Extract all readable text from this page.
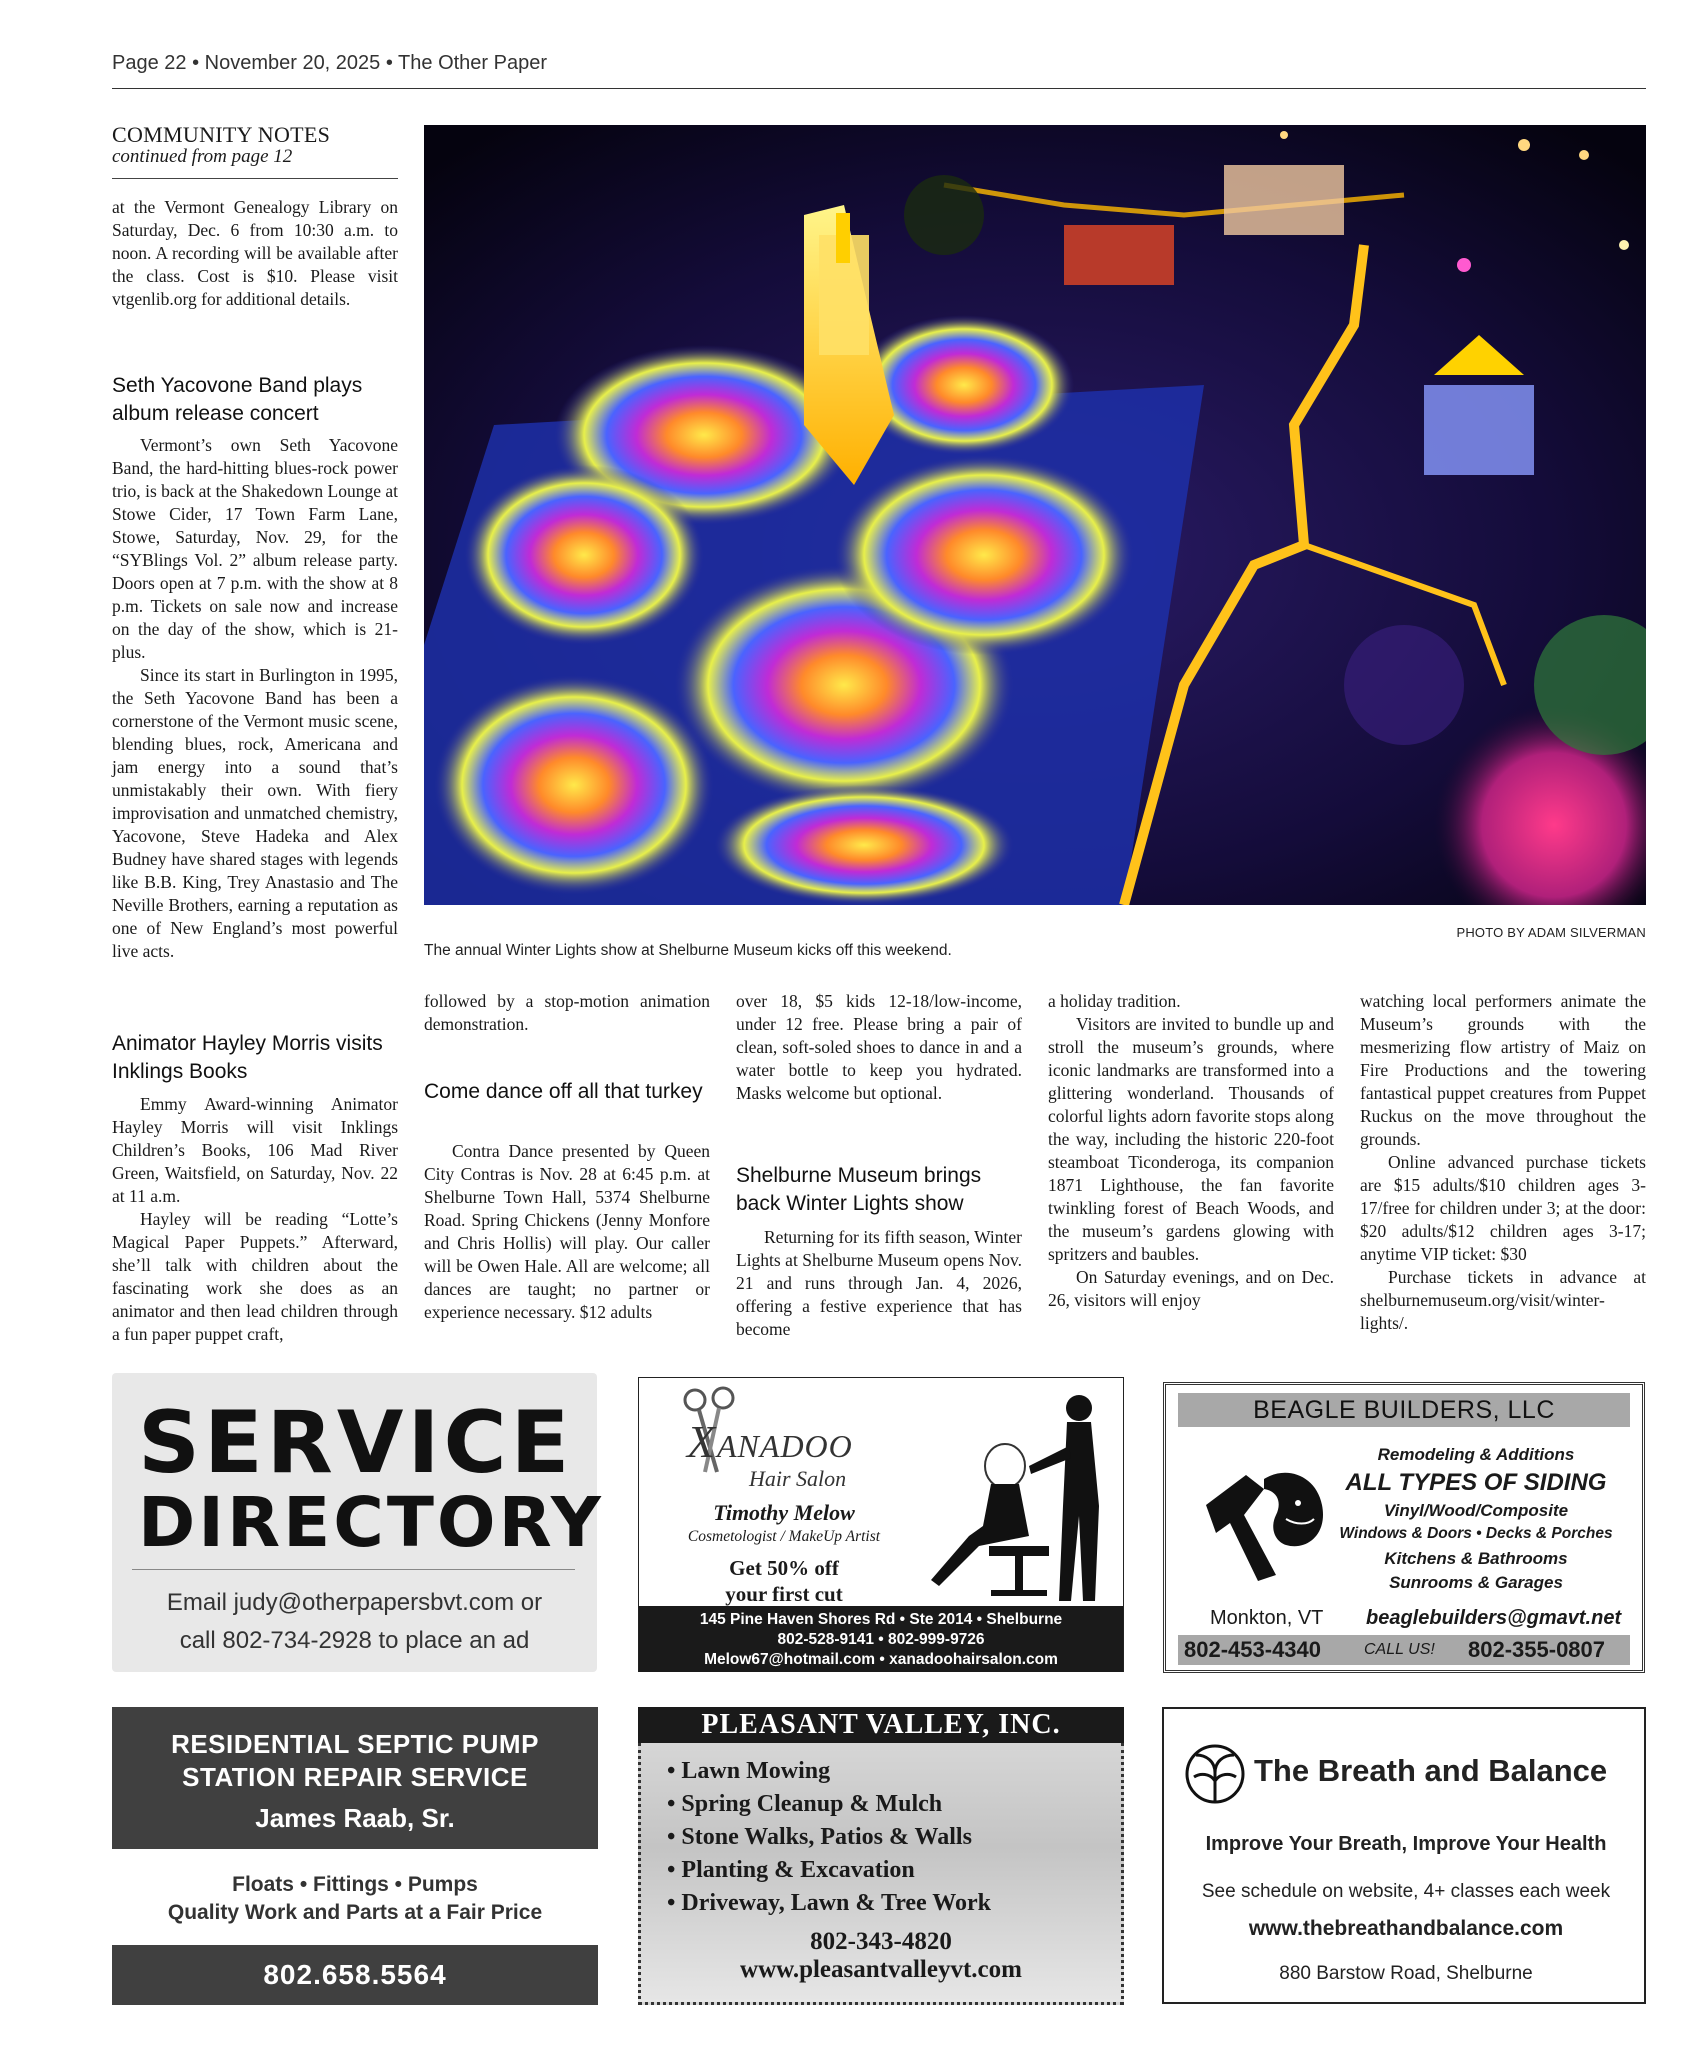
Page 22 • November 20, 2025 • The Other Paper
COMMUNITY NOTES
continued from page 12

at the Vermont Genealogy Library on Saturday, Dec. 6 from 10:30 a.m. to noon. A recording will be available after the class. Cost is $10. Please visit vtgenlib.org for additional details.

Seth Yacovone Band plays album release concert

Vermont’s own Seth Yacovone Band, the hard-hitting blues-rock power trio, is back at the Shakedown Lounge at Stowe Cider, 17 Town Farm Lane, Stowe, Saturday, Nov. 29, for the “SYBlings Vol. 2” album release party. Doors open at 7 p.m. with the show at 8 p.m. Tickets on sale now and increase on the day of the show, which is 21-plus.

Since its start in Burlington in 1995, the Seth Yacovone Band has been a cornerstone of the Vermont music scene, blending blues, rock, Americana and jam energy into a sound that’s unmistakably their own. With fiery improvisation and unmatched chemistry, Yacovone, Steve Hadeka and Alex Budney have shared stages with legends like B.B. King, Trey Anastasio and The Neville Brothers, earning a reputation as one of New England’s most powerful live acts.

Animator Hayley Morris visits Inklings Books

Emmy Award-winning Animator Hayley Morris will visit Inklings Children’s Books, 106 Mad River Green, Waitsfield, on Saturday, Nov. 22 at 11 a.m.

Hayley will be reading “Lotte’s Magical Paper Puppets.” Afterward, she’ll talk with children about the fascinating work she does as an animator and then lead children through a fun paper puppet craft,

PHOTO BY ADAM SILVERMAN
The annual Winter Lights show at Shelburne Museum kicks off this weekend.

followed by a stop-motion animation demonstration.

Come dance off all that turkey

Contra Dance presented by Queen City Contras is Nov. 28 at 6:45 p.m. at Shelburne Town Hall, 5374 Shelburne Road. Spring Chickens (Jenny Monfore and Chris Hollis) will play. Our caller will be Owen Hale. All are welcome; all dances are taught; no partner or experience necessary. $12 adults

over 18, $5 kids 12-18/low-income, under 12 free. Please bring a pair of clean, soft-soled shoes to dance in and a water bottle to keep you hydrated. Masks welcome but optional.

Shelburne Museum brings back Winter Lights show

Returning for its fifth season, Winter Lights at Shelburne Museum opens Nov. 21 and runs through Jan. 4, 2026, offering a festive experience that has become

a holiday tradition.

Visitors are invited to bundle up and stroll the museum’s grounds, where iconic landmarks are transformed into a glittering wonderland. Thousands of colorful lights adorn favorite stops along the way, including the historic 220-foot steamboat Ticonderoga, its companion 1871 Lighthouse, the fan favorite twinkling forest of Beach Woods, and the museum’s gardens glowing with spritzers and baubles.

On Saturday evenings, and on Dec. 26, visitors will enjoy

watching local performers animate the Museum’s grounds with the mesmerizing flow artistry of Maiz on Fire Productions and the towering fantastical puppet creatures from Puppet Ruckus on the move throughout the grounds.

Online advanced purchase tickets are $15 adults/$10 children ages 3-17/free for children under 3; at the door: $20 adults/$12 children ages 3-17; anytime VIP ticket: $30

Purchase tickets in advance at shelburnemuseum.org/visit/winter-lights/.

SERVICE
DIRECTORY
Email judy@otherpapersbvt.com or
call 802-734-2928 to place an ad
X ANADOO
Hair Salon
Timothy Melow
Cosmetologist / MakeUp Artist
Get 50% off
your first cut
145 Pine Haven Shores Rd • Ste 2014 • Shelburne
802-528-9141 • 802-999-9726
Melow67@hotmail.com • xanadoohairsalon.com
BEAGLE BUILDERS, LLC
Remodeling & Additions
ALL TYPES OF SIDING
Vinyl/Wood/Composite
Windows & Doors • Decks & Porches
Kitchens & Bathrooms
Sunrooms & Garages
Monkton, VT beaglebuilders@gmavt.net
802-453-4340	CALL US! 802-355-0807
RESIDENTIAL SEPTIC PUMP
STATION REPAIR SERVICE
James Raab, Sr.
Floats • Fittings • Pumps
Quality Work and Parts at a Fair Price
802.658.5564
PLEASANT VALLEY, INC.
• Lawn Mowing
• Spring Cleanup & Mulch
• Stone Walks, Patios & Walls
• Planting & Excavation
• Driveway, Lawn & Tree Work
802-343-4820
www.pleasantvalleyvt.com
The Breath and Balance
Improve Your Breath, Improve Your Health
See schedule on website, 4+ classes each week
www.thebreathandbalance.com
880 Barstow Road, Shelburne
